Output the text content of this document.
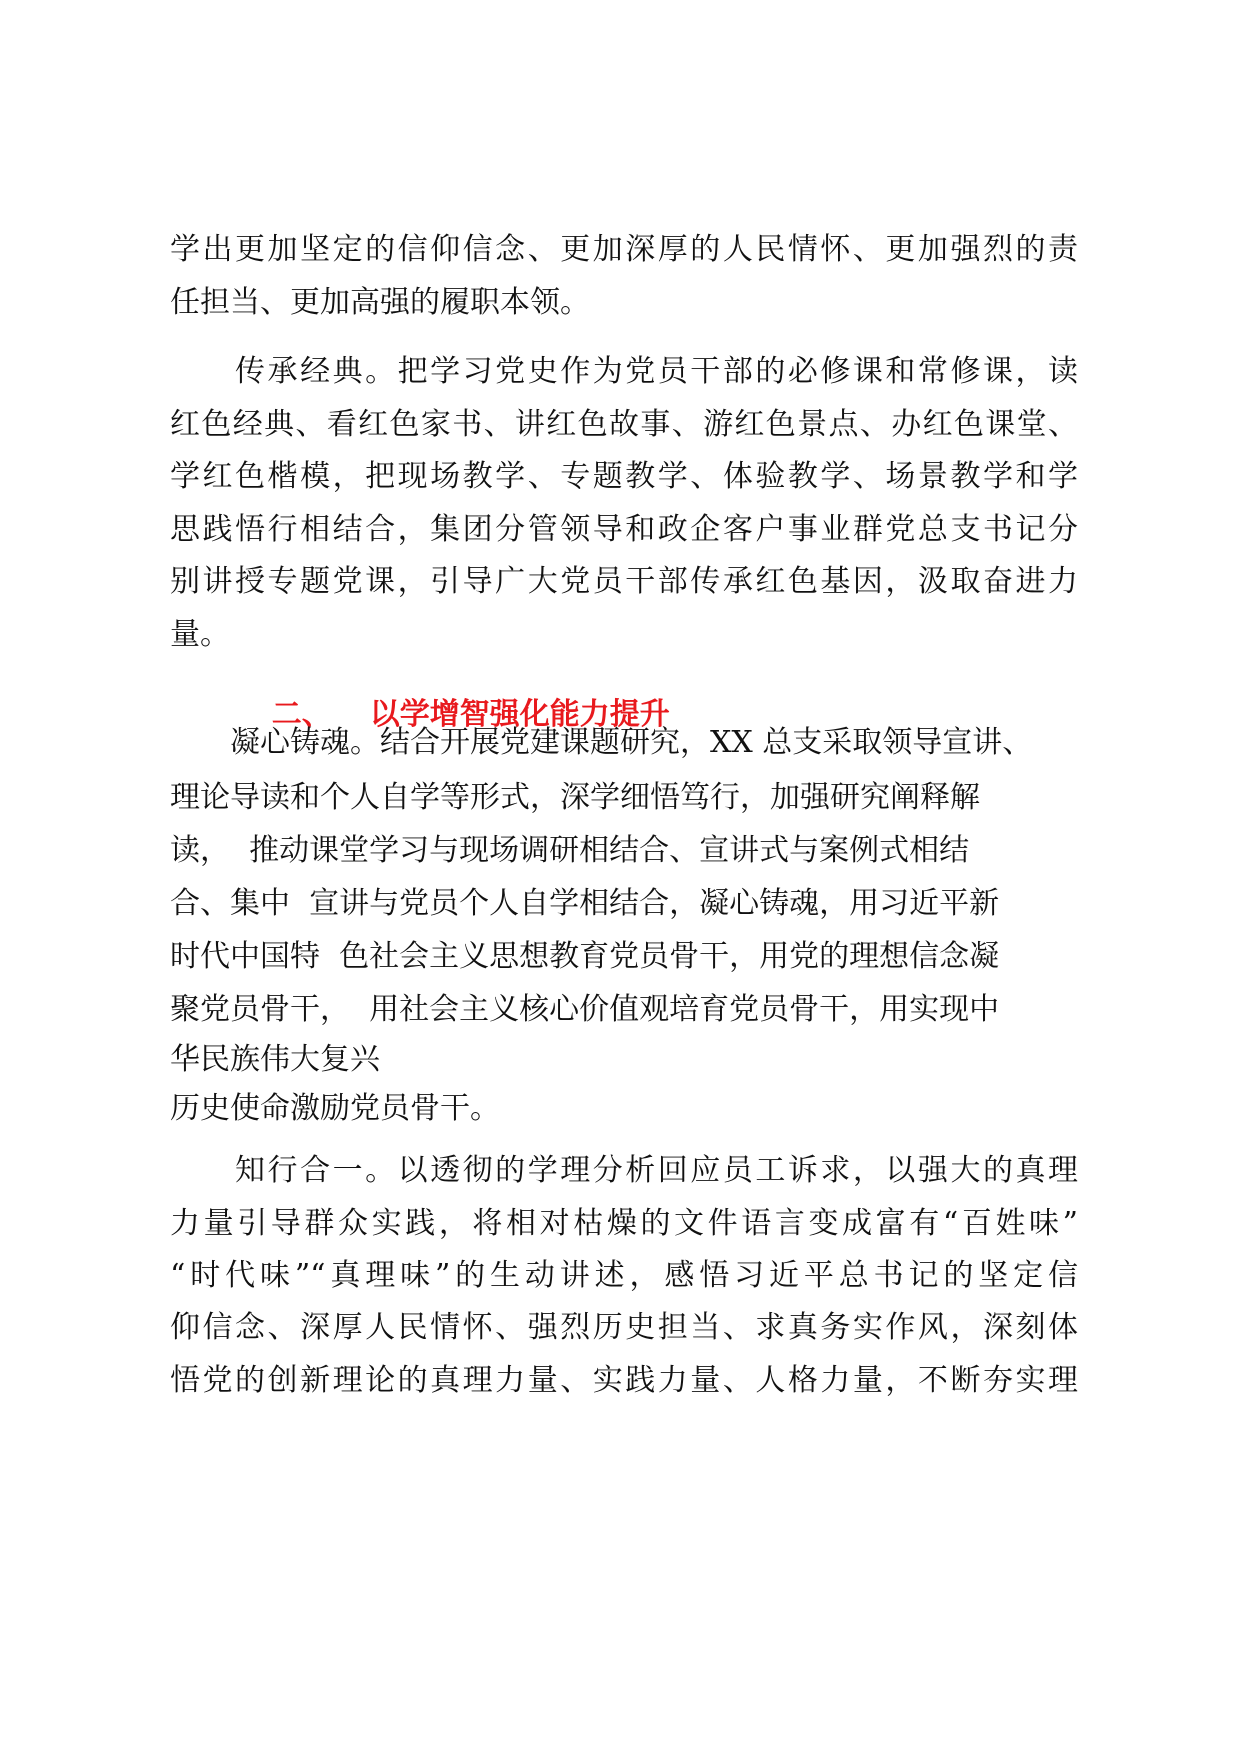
学出更加坚定的信仰信念、更加深厚的人民情怀、更加强烈的责
任担当、更加高强的履职本领。
　　传承经典。把学习党史作为党员干部的必修课和常修课，读
红色经典、看红色家书、讲红色故事、游红色景点、办红色课堂、
学红色楷模，把现场教学、专题教学、体验教学、场景教学和学
思践悟行相结合，集团分管领导和政企客户事业群党总支书记分
别讲授专题党课，引导广大党员干部传承红色基因，汲取奋进力
量。

二、 以学增智强化能力提升

　　凝心铸魂。结合开展党建课题研究，XX 总支采取领导宣讲、
理论导读和个人自学等形式，深学细悟笃行，加强研究阐释解
读，  推动课堂学习与现场调研相结合、宣讲式与案例式相结
合、集中  宣讲与党员个人自学相结合，凝心铸魂，用习近平新
时代中国特  色社会主义思想教育党员骨干，用党的理想信念凝
聚党员骨干，  用社会主义核心价值观培育党员骨干，用实现中
华民族伟大复兴
历史使命激励党员骨干。
　　知行合一。以透彻的学理分析回应员工诉求，以强大的真理
力量引导群众实践，将相对枯燥的文件语言变成富有“百姓味”
“时代味”“真理味”的生动讲述，感悟习近平总书记的坚定信
仰信念、深厚人民情怀、强烈历史担当、求真务实作风，深刻体
悟党的创新理论的真理力量、实践力量、人格力量，不断夯实理
